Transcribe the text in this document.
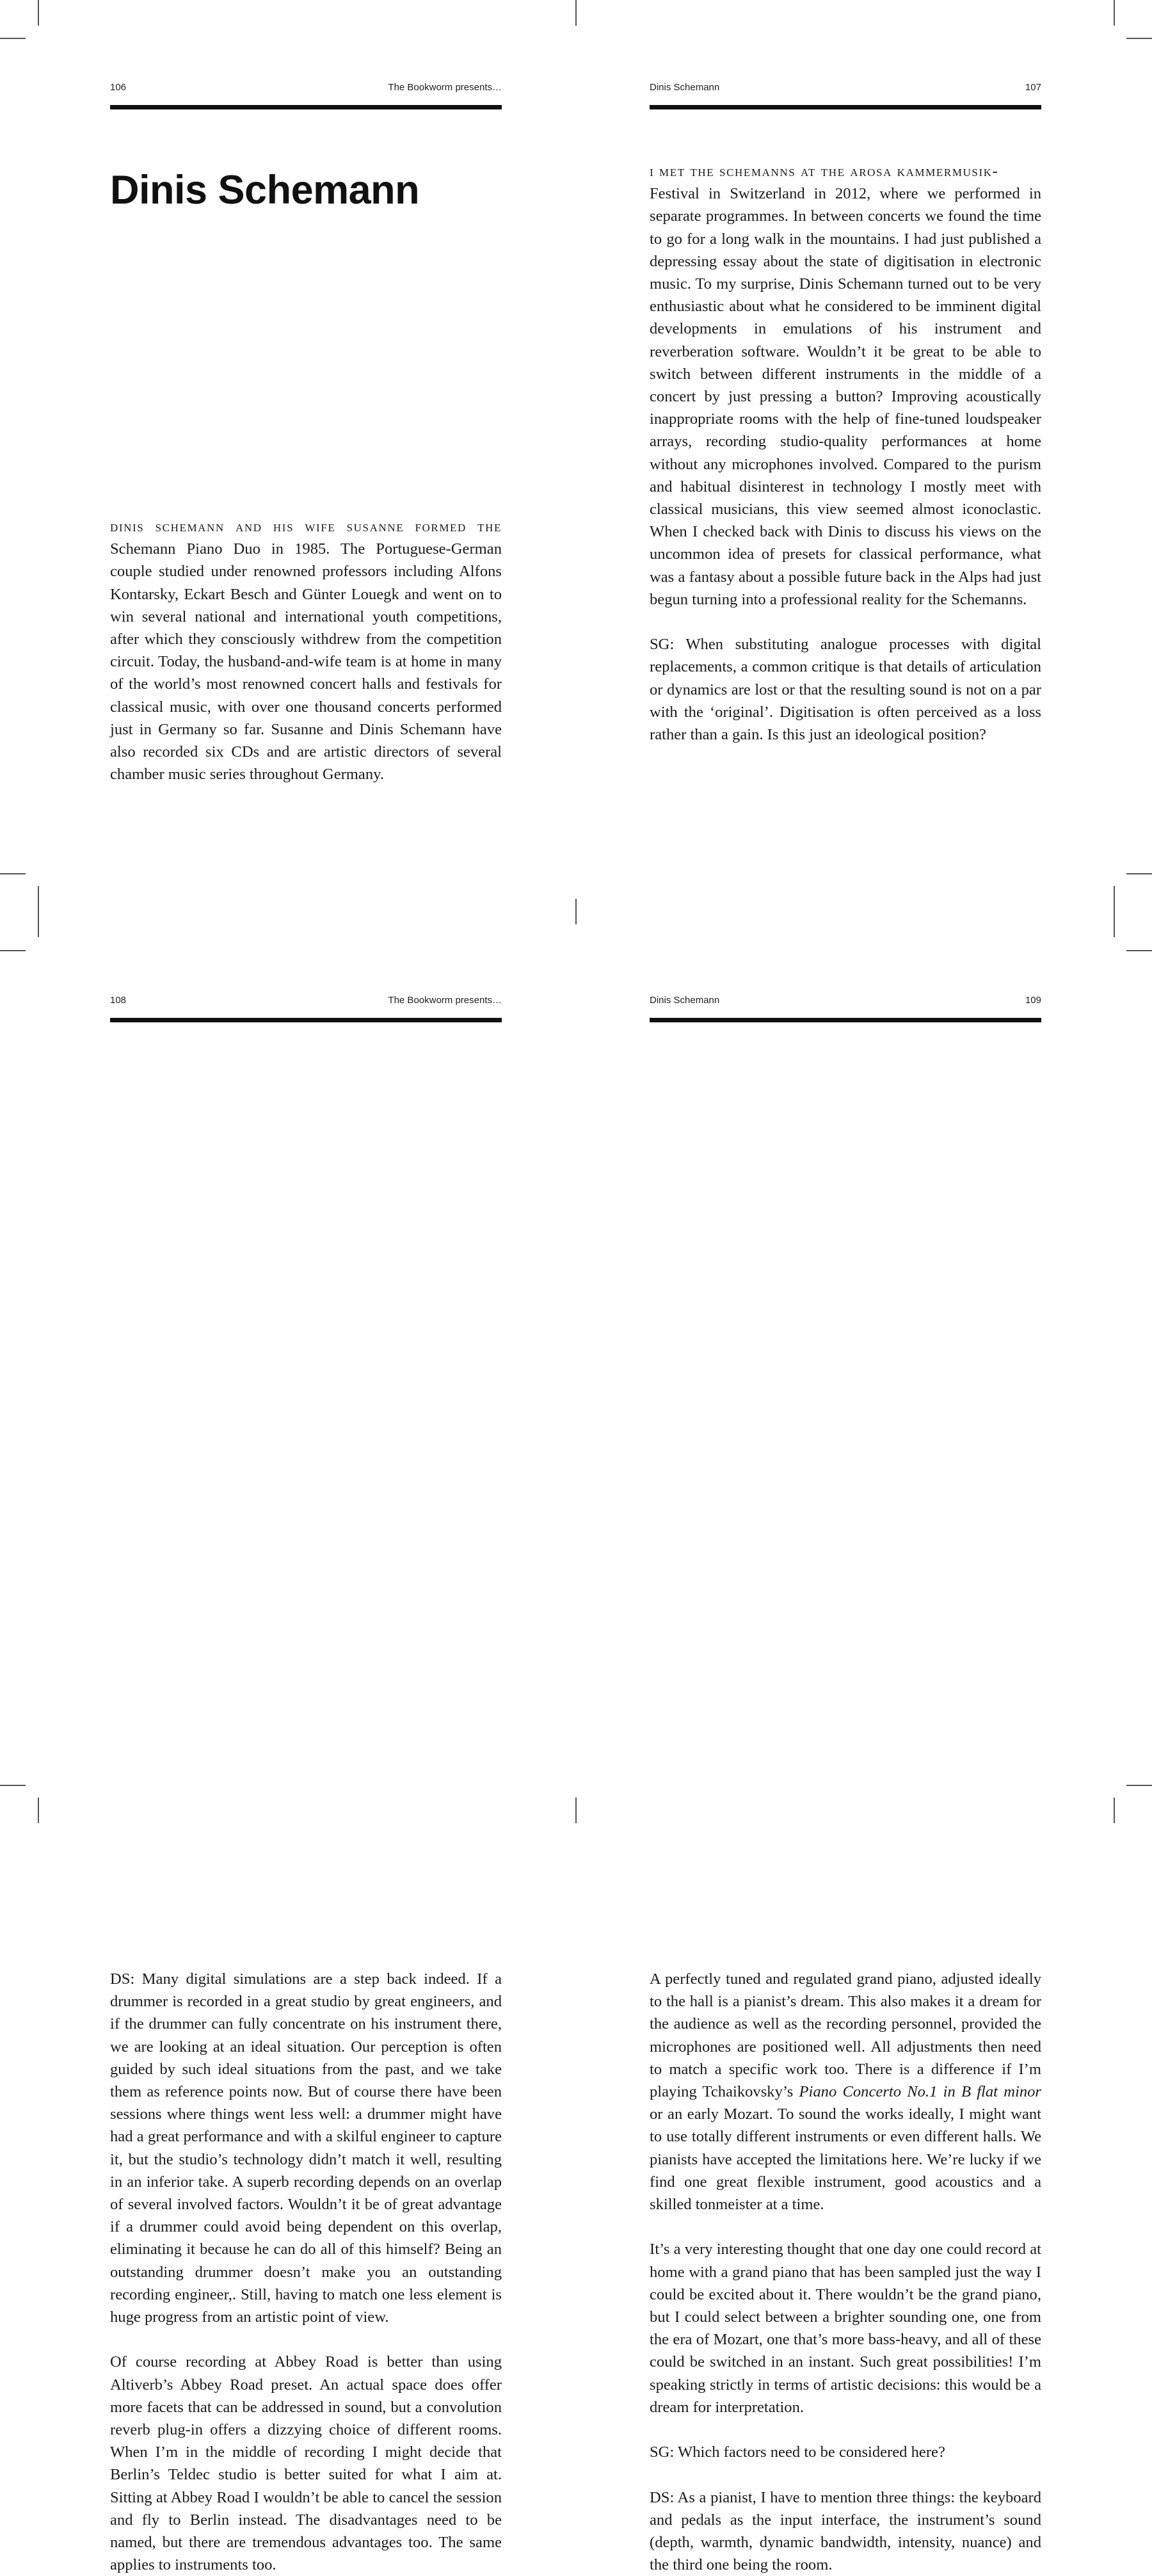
106	The Bookworm presents…
Dinis Schemann

dinis schemann and his wife susanne formed the Schemann Piano Duo in 1985. The Portuguese-German couple studied under renowned professors including Alfons Kontarsky, Eckart Besch and Günter Louegk and went on to win several national and international youth competitions, after which they consciously withdrew from the competition circuit. Today, the husband-and-wife team is at home in many of the world’s most renowned concert halls and festivals for classical music, with over one thousand concerts performed just in Germany so far. Susanne and Dinis Schemann have also recorded six CDs and are artistic directors of several chamber music series throughout Germany.

Dinis Schemann	107

i met the schemanns at the arosa kammermusik-
Festival in Switzerland in 2012, where we performed in separate programmes. In between concerts we found the time to go for a long walk in the mountains. I had just published a depressing essay about the state of digitisation in electronic music. To my surprise, Dinis Schemann turned out to be very enthusiastic about what he considered to be imminent digital developments in emulations of his instrument and reverberation software. Wouldn’t it be great to be able to switch between different instruments in the middle of a concert by just pressing a button? Improving acoustically inappropriate rooms with the help of fine-tuned loudspeaker arrays, recording studio-quality performances at home without any microphones involved. Compared to the purism and habitual disinterest in technology I mostly meet with classical musicians, this view seemed almost iconoclastic. When I checked back with Dinis to discuss his views on the uncommon idea of presets for classical performance, what was a fantasy about a possible future back in the Alps had just begun turning into a professional reality for the Schemanns.

SG: When substituting analogue processes with digital replacements, a common critique is that details of articulation or dynamics are lost or that the resulting sound is not on a par with the ‘original’. Digitisation is often perceived as a loss rather than a gain. Is this just an ideological position?

108	The Bookworm presents…

DS: Many digital simulations are a step back indeed. If a drummer is recorded in a great studio by great engineers, and if the drummer can fully concentrate on his instrument there, we are looking at an ideal situation. Our perception is often guided by such ideal situations from the past, and we take them as reference points now. But of course there have been sessions where things went less well: a drummer might have had a great performance and with a skilful engineer to capture it, but the studio’s technology didn’t match it well, resulting in an inferior take. A superb recording depends on an overlap of several involved factors. Wouldn’t it be of great advantage if a drummer could avoid being dependent on this overlap, eliminating it because he can do all of this himself? Being an outstanding drummer doesn’t make you an outstanding recording engineer,. Still, having to match one less element is huge progress from an artistic point of view.

Of course recording at Abbey Road is better than using Altiverb’s Abbey Road preset. An actual space does offer more facets that can be addressed in sound, but a convolution reverb plug-in offers a dizzying choice of different rooms. When I’m in the middle of recording I might decide that Berlin’s Teldec studio is better suited for what I aim at. Sitting at Abbey Road I wouldn’t be able to cancel the session and fly to Berlin instead. The disadvantages need to be named, but there are tremendous advantages too. The same applies to instruments too.

Dinis Schemann	109

A perfectly tuned and regulated grand piano, adjusted ideally to the hall is a pianist’s dream. This also makes it a dream for the audience as well as the recording personnel, provided the microphones are positioned well. All adjustments then need to match a specific work too. There is a difference if I’m playing Tchaikovsky’s Piano Concerto No.1 in B flat minor or an early Mozart. To sound the works ideally, I might want to use totally different instruments or even different halls. We pianists have accepted the limitations here. We’re lucky if we find one great flexible instrument, good acoustics and a skilled tonmeister at a time.

It’s a very interesting thought that one day one could record at home with a grand piano that has been sampled just the way I could be excited about it. There wouldn’t be the grand piano, but I could select between a brighter sounding one, one from the era of Mozart, one that’s more bass-heavy, and all of these could be switched in an instant. Such great possibilities! I’m speaking strictly in terms of artistic decisions: this would be a dream for interpretation.

SG: Which factors need to be considered here?

DS: As a pianist, I have to mention three things: the keyboard and pedals as the input interface, the instrument’s sound (depth, warmth, dynamic bandwidth, intensity, nuance) and the third one being the room.
